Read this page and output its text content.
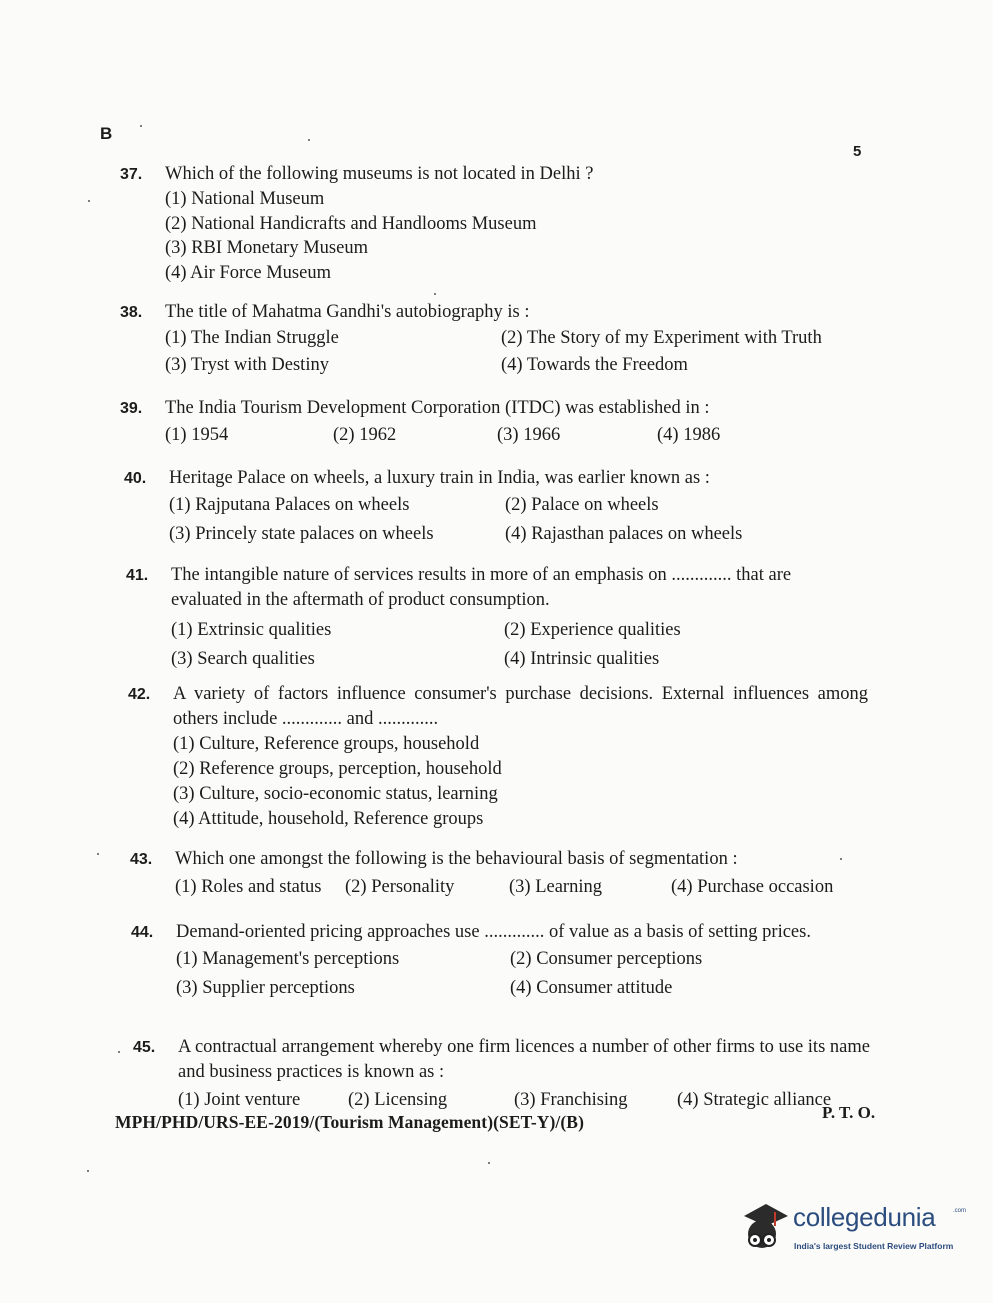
B
5
37. Which of the following museums is not located in Delhi ?
(1) National Museum
(2) National Handicrafts and Handlooms Museum
(3) RBI Monetary Museum
(4) Air Force Museum
38. The title of Mahatma Gandhi's autobiography is :
(1) The Indian Struggle	(2) The Story of my Experiment with Truth
(3) Tryst with Destiny	(4) Towards the Freedom
39. The India Tourism Development Corporation (ITDC) was established in :
(1) 1954	(2) 1962	(3) 1966	(4) 1986
40. Heritage Palace on wheels, a luxury train in India, was earlier known as :
(1) Rajputana Palaces on wheels	(2) Palace on wheels
(3) Princely state palaces on wheels	(4) Rajasthan palaces on wheels
41. The intangible nature of services results in more of an emphasis on ............. that are evaluated in the aftermath of product consumption.
(1) Extrinsic qualities	(2) Experience qualities
(3) Search qualities	(4) Intrinsic qualities
42. A variety of factors influence consumer's purchase decisions. External influences among others include ............. and .............
(1) Culture, Reference groups, household
(2) Reference groups, perception, household
(3) Culture, socio-economic status, learning
(4) Attitude, household, Reference groups
43. Which one amongst the following is the behavioural basis of segmentation :
(1) Roles and status	(2) Personality	(3) Learning	(4) Purchase occasion
44. Demand-oriented pricing approaches use ............. of value as a basis of setting prices.
(1) Management's perceptions	(2) Consumer perceptions
(3) Supplier perceptions	(4) Consumer attitude
45. A contractual arrangement whereby one firm licences a number of other firms to use its name and business practices is known as :
(1) Joint venture	(2) Licensing	(3) Franchising	(4) Strategic alliance
P. T. O.
MPH/PHD/URS-EE-2019/(Tourism Management)(SET-Y)/(B)
collegedunia	.com
India's largest Student Review Platform
